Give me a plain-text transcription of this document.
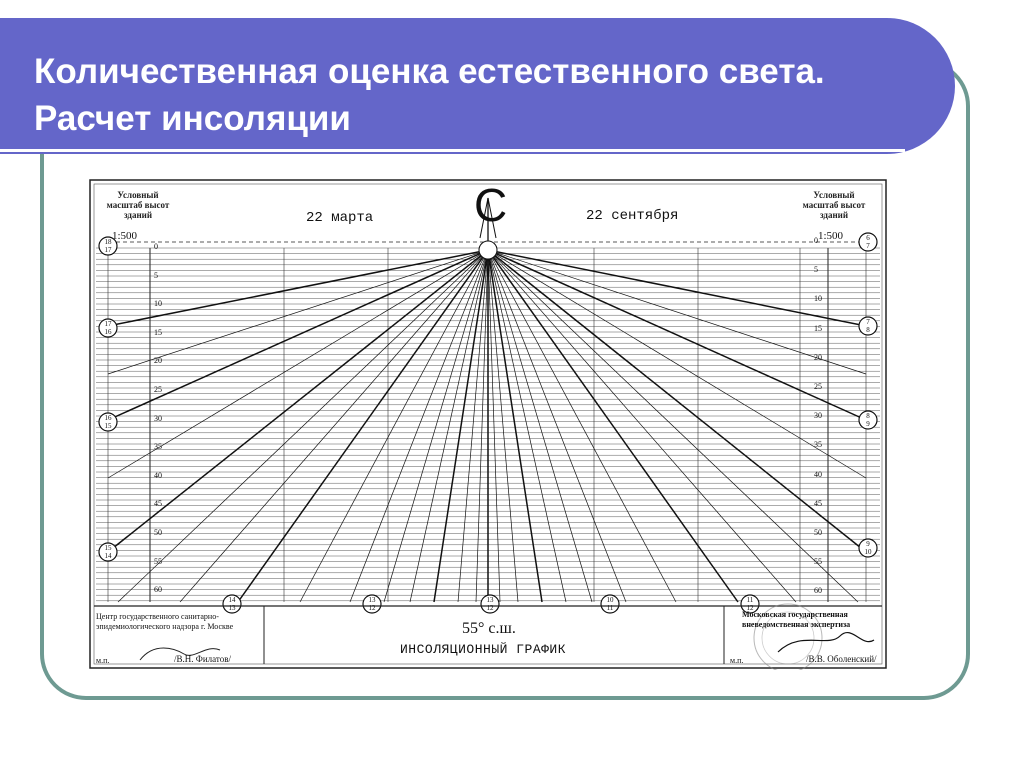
Количественная оценка естественного света. Расчет инсоляции
Условный масштаб высот зданий
1:500
Условный масштаб высот зданий
1:500
22 марта	22 сентября
С
0
0
5
5
10
10
15	15
20	20
25	25
30	30
35	35
40	40
45	45
50	50
55	55
60	60
18
17
17
16
16
15
15
14
6
7
7
8
8
9
9
10
14
13
13
12
13
12
10
11
11
12
Центр государственного санитарно-эпидемиологического надзора г. Москве
м.п.	/В.Н. Филатов/
55° с.ш.
ИНСОЛЯЦИОННЫЙ ГРАФИК
Московская государственная вневедомственная экспертиза
м.п.	/В.В. Оболенский/
